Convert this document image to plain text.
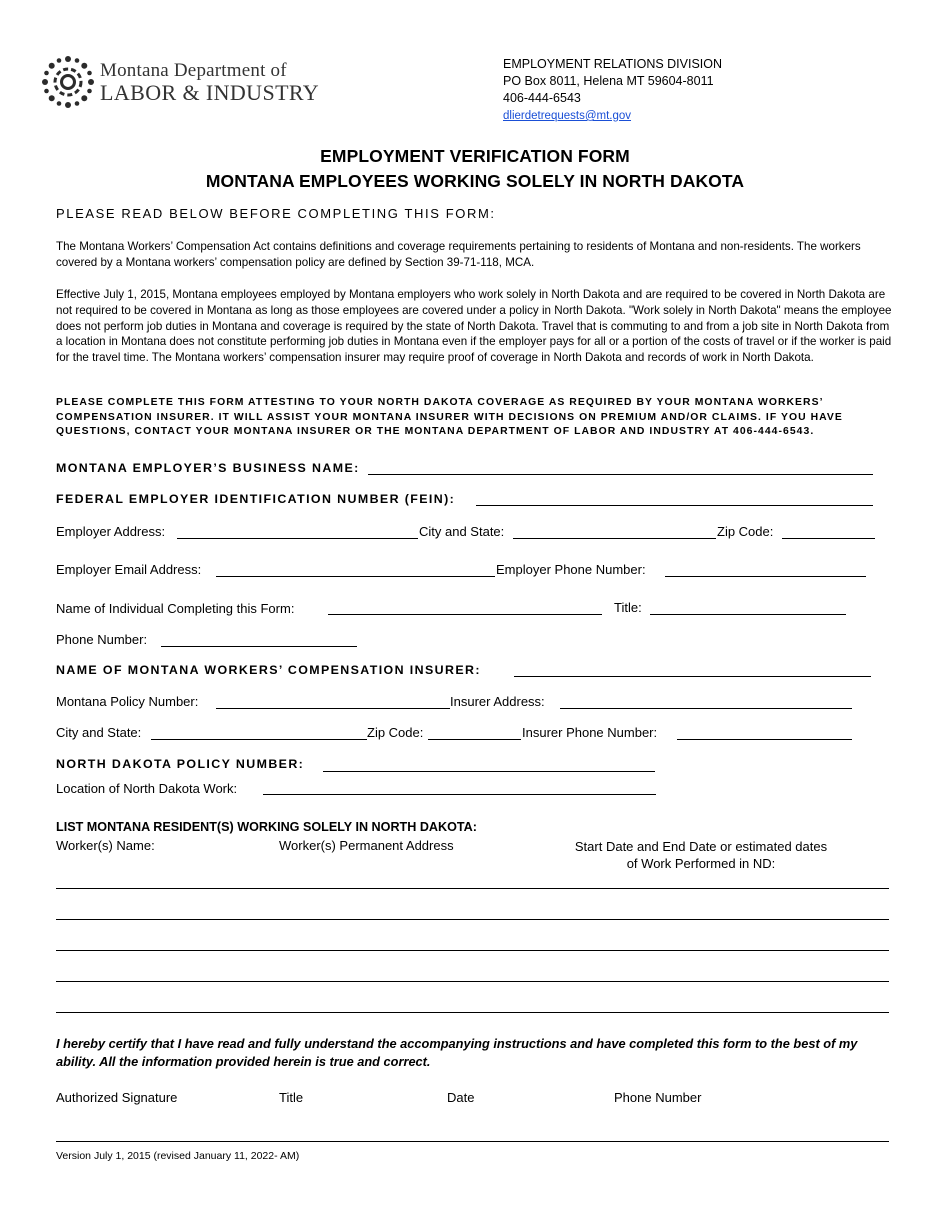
Montana Department of
LABOR & INDUSTRY
EMPLOYMENT RELATIONS DIVISION
PO Box 8011, Helena MT 59604-8011
406-444-6543
dlierdetrequests@mt.gov
EMPLOYMENT VERIFICATION FORM
MONTANA EMPLOYEES WORKING SOLELY IN NORTH DAKOTA
PLEASE READ BELOW BEFORE COMPLETING THIS FORM:
The Montana Workers’ Compensation Act contains definitions and coverage requirements pertaining to residents of Montana and non-residents. The workers covered by a Montana workers’ compensation policy are defined by Section 39-71-118, MCA.
Effective July 1, 2015, Montana employees employed by Montana employers who work solely in North Dakota and are required to be covered in North Dakota are not required to be covered in Montana as long as those employees are covered under a policy in North Dakota. "Work solely in North Dakota" means the employee does not perform job duties in Montana and coverage is required by the state of North Dakota. Travel that is commuting to and from a job site in North Dakota from a location in Montana does not constitute performing job duties in Montana even if the employer pays for all or a portion of the costs of travel or if the worker is paid for the travel time. The Montana workers’ compensation insurer may require proof of coverage in North Dakota and records of work in North Dakota.
PLEASE COMPLETE THIS FORM ATTESTING TO YOUR NORTH DAKOTA COVERAGE AS REQUIRED BY YOUR MONTANA WORKERS’ COMPENSATION INSURER. IT WILL ASSIST YOUR MONTANA INSURER WITH DECISIONS ON PREMIUM AND/OR CLAIMS. IF YOU HAVE QUESTIONS, CONTACT YOUR MONTANA INSURER OR THE MONTANA DEPARTMENT OF LABOR AND INDUSTRY AT 406-444-6543.
MONTANA EMPLOYER’S BUSINESS NAME:
FEDERAL EMPLOYER IDENTIFICATION NUMBER (FEIN):
Employer Address:	City and State:	Zip Code:
Employer Email Address:	Employer Phone Number:
Name of Individual Completing this Form:	Title:
Phone Number:
NAME OF MONTANA WORKERS’ COMPENSATION INSURER:
Montana Policy Number:	Insurer Address:
City and State:	Zip Code:	Insurer Phone Number:
NORTH DAKOTA POLICY NUMBER:
Location of North Dakota Work:
LIST MONTANA RESIDENT(S) WORKING SOLELY IN NORTH DAKOTA:
Worker(s) Name:	Worker(s) Permanent Address	Start Date and End Date or estimated dates
of Work Performed in ND:
I hereby certify that I have read and fully understand the accompanying instructions and have completed this form to the best of my ability. All the information provided herein is true and correct.
Authorized Signature	Title	Date	Phone Number
Version July 1, 2015 (revised January 11, 2022- AM)
